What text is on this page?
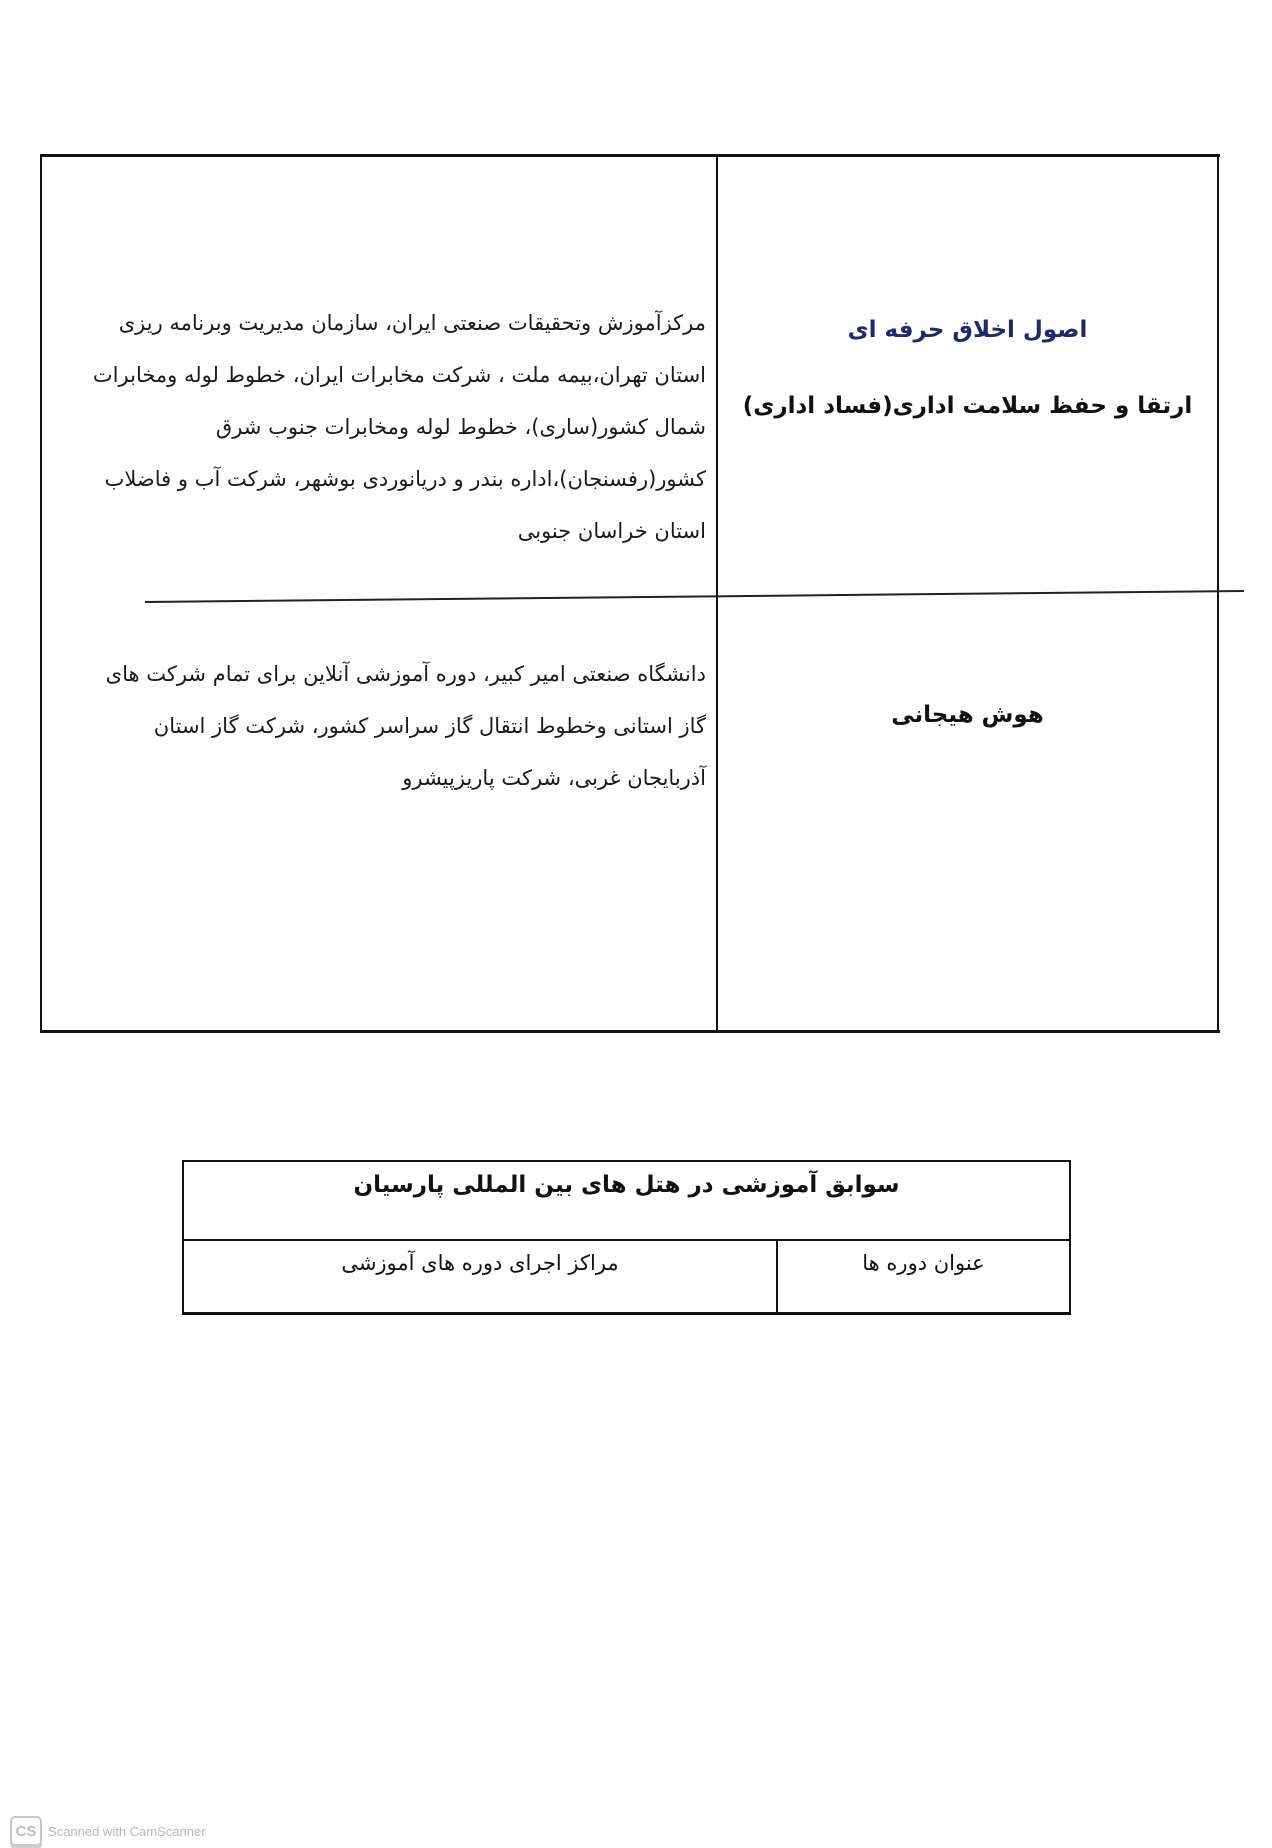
اصول اخلاق حرفه ای
ارتقا و حفظ سلامت اداری(فساد اداری)
مرکزآموزش وتحقیقات صنعتی ایران، سازمان مدیریت وبرنامه ریزی
استان تهران،بیمه ملت ، شرکت مخابرات ایران، خطوط لوله ومخابرات
شمال کشور(ساری)، خطوط لوله ومخابرات جنوب شرق
کشور(رفسنجان)،اداره بندر و دریانوردی بوشهر، شرکت آب و فاضلاب
استان خراسان جنوبی
هوش هیجانی
دانشگاه صنعتی امیر کبیر، دوره آموزشی آنلاین برای تمام شرکت های
گاز استانی وخطوط انتقال گاز سراسر کشور، شرکت گاز استان
آذربایجان غربی، شرکت پاریزپیشرو
سوابق آموزشی در هتل های بین المللی پارسیان
عنوان دوره ها
مراکز اجرای دوره های آموزشی
CS Scanned with CamScanner
